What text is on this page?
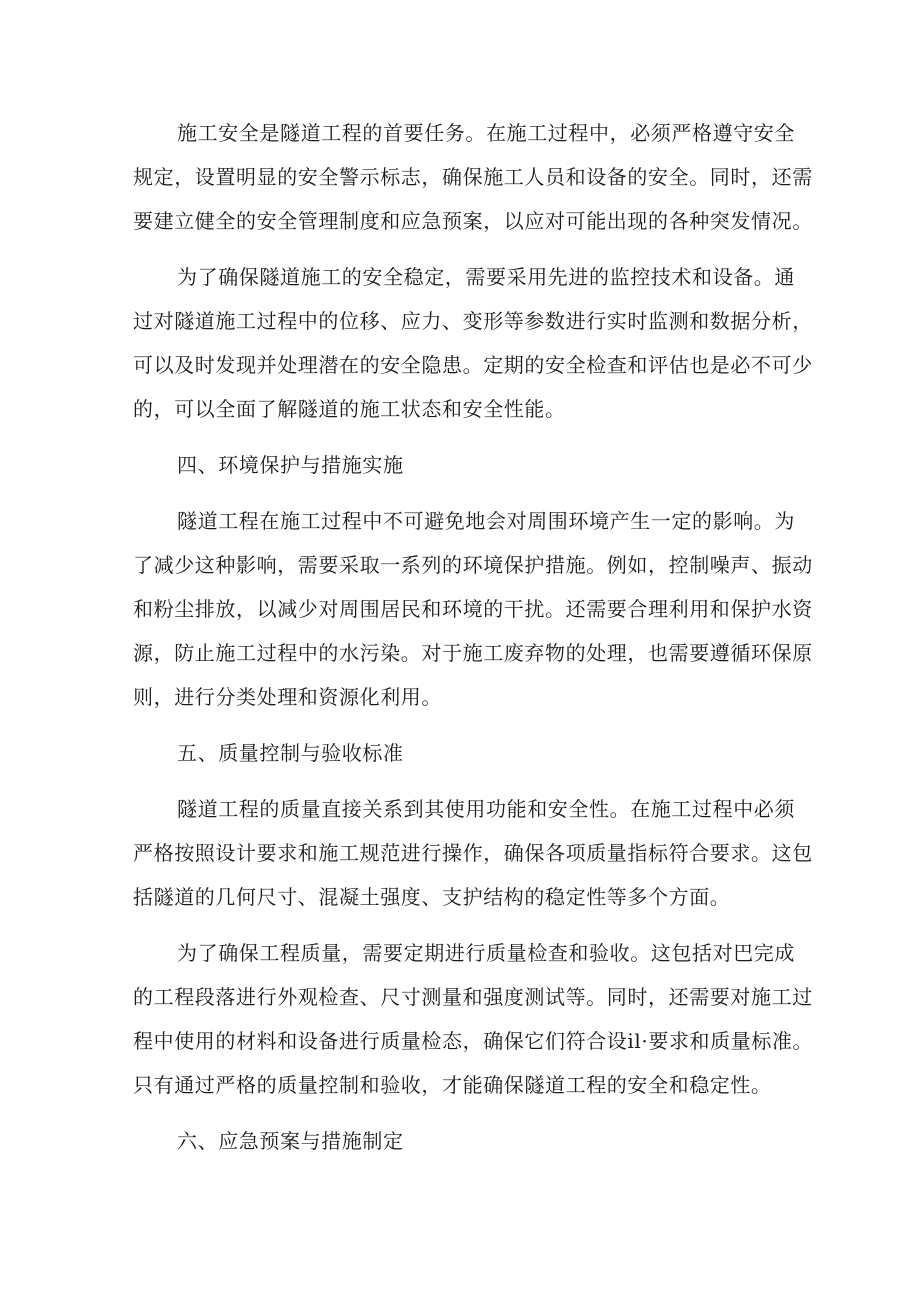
施工安全是隧道工程的首要任务。在施工过程中，必须严格遵守安全
规定，设置明显的安全警示标志，确保施工人员和设备的安全。同时，还需
要建立健全的安全管理制度和应急预案，以应对可能出现的各种突发情况。
为了确保隧道施工的安全稳定，需要采用先进的监控技术和设备。通
过对隧道施工过程中的位移、应力、变形等参数进行实时监测和数据分析，
可以及时发现并处理潜在的安全隐患。定期的安全检查和评估也是必不可少
的，可以全面了解隧道的施工状态和安全性能。
四、环境保护与措施实施
隧道工程在施工过程中不可避免地会对周围环境产生一定的影响。为
了减少这种影响，需要采取一系列的环境保护措施。例如，控制噪声、振动
和粉尘排放，以减少对周围居民和环境的干扰。还需要合理利用和保护水资
源，防止施工过程中的水污染。对于施工废弃物的处理，也需要遵循环保原
则，进行分类处理和资源化利用。
五、质量控制与验收标准
隧道工程的质量直接关系到其使用功能和安全性。在施工过程中必须
严格按照设计要求和施工规范进行操作，确保各项质量指标符合要求。这包
括隧道的几何尺寸、混凝土强度、支护结构的稳定性等多个方面。
为了确保工程质量，需要定期进行质量检查和验收。这包括对巴完成
的工程段落进行外观检查、尺寸测量和强度测试等。同时，还需要对施工过
程中使用的材料和设备进行质量检态，确保它们符合设il·要求和质量标准。
只有通过严格的质量控制和验收，才能确保隧道工程的安全和稳定性。
六、应急预案与措施制定
